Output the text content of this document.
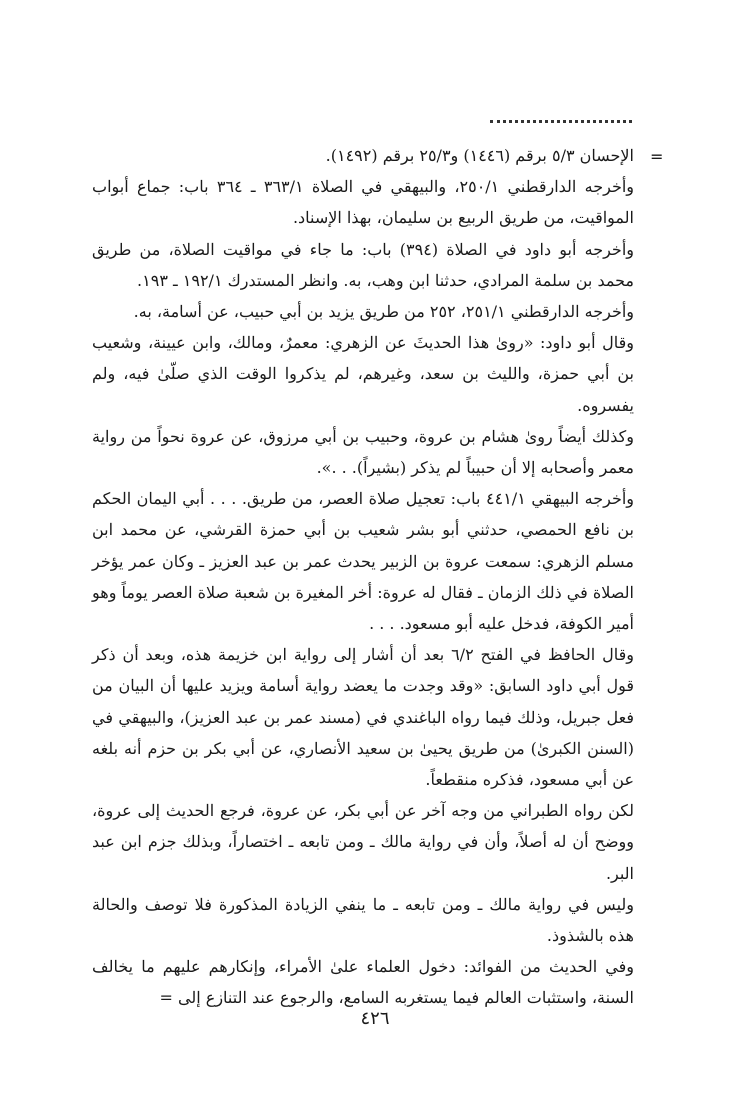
=

الإحسان ٥/٣ برقم (١٤٤٦) و٢٥/٣ برقم (١٤٩٢).

وأخرجه الدارقطني ٢٥٠/١، والبيهقي في الصلاة ٣٦٣/١ ـ ٣٦٤ باب: جماع أبواب المواقيت، من طريق الربيع بن سليمان، بهذا الإسناد.

وأخرجه أبو داود في الصلاة (٣٩٤) باب: ما جاء في مواقيت الصلاة، من طريق محمد بن سلمة المرادي، حدثنا ابن وهب، به. وانظر المستدرك ١٩٢/١ ـ ١٩٣.

وأخرجه الدارقطني ٢٥١/١، ٢٥٢ من طريق يزيد بن أبي حبيب، عن أسامة، به.

وقال أبو داود: «روىٰ هذا الحديثَ عن الزهري: معمرٌ، ومالك، وابن عيينة، وشعيب بن أبي حمزة، والليث بن سعد، وغيرهم، لم يذكروا الوقت الذي صلّىٰ فيه، ولم يفسروه.

وكذلك أيضاً روىٰ هشام بن عروة، وحبيب بن أبي مرزوق، عن عروة نحواً من رواية معمر وأصحابه إلا أن حبيباً لم يذكر (بشيراً). . .».

وأخرجه البيهقي ٤٤١/١ باب: تعجيل صلاة العصر، من طريق. . . . أبي اليمان الحكم بن نافع الحمصي، حدثني أبو بشر شعيب بن أبي حمزة القرشي، عن محمد ابن مسلم الزهري: سمعت عروة بن الزبير يحدث عمر بن عبد العزيز ـ وكان عمر يؤخر الصلاة في ذلك الزمان ـ فقال له عروة: أخر المغيرة بن شعبة صلاة العصر يوماً وهو أمير الكوفة، فدخل عليه أبو مسعود. . . .

وقال الحافظ في الفتح ٦/٢ بعد أن أشار إلى رواية ابن خزيمة هذه، وبعد أن ذكر قول أبي داود السابق: «وقد وجدت ما يعضد رواية أسامة ويزيد عليها أن البيان من فعل جبريل، وذلك فيما رواه الباغندي في (مسند عمر بن عبد العزيز)، والبيهقي في (السنن الكبرىٰ) من طريق يحيىٰ بن سعيد الأنصاري، عن أبي بكر بن حزم أنه بلغه عن أبي مسعود، فذكره منقطعاً.

لكن رواه الطبراني من وجه آخر عن أبي بكر، عن عروة، فرجع الحديث إلى عروة، ووضح أن له أصلاً، وأن في رواية مالك ـ ومن تابعه ـ اختصاراً، وبذلك جزم ابن عبد البر.

وليس في رواية مالك ـ ومن تابعه ـ ما ينفي الزيادة المذكورة فلا توصف والحالة هذه بالشذوذ.

وفي الحديث من الفوائد: دخول العلماء علىٰ الأمراء، وإنكارهم عليهم ما يخالف السنة، واستثبات العالم فيما يستغربه السامع، والرجوع عند التنازع إلى =

٤٢٦
